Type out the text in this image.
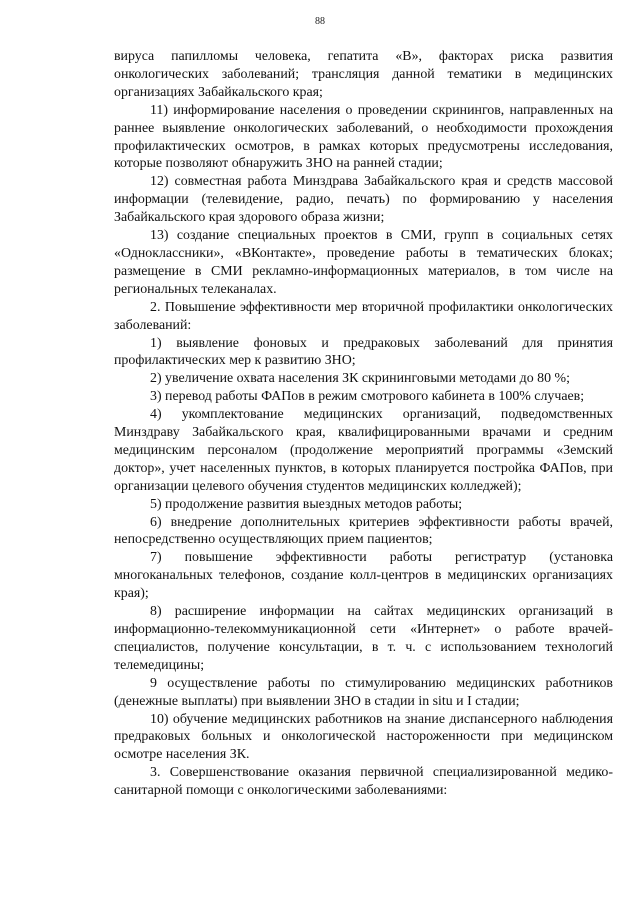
88

вируса папилломы человека, гепатита «В», факторах риска развития онкологических заболеваний; трансляция данной тематики в медицинских организациях Забайкальского края;

11) информирование населения о проведении скринингов, направленных на раннее выявление онкологических заболеваний, о необходимости прохождения профилактических осмотров, в рамках которых предусмотрены исследования, которые позволяют обнаружить ЗНО на ранней стадии;

12) совместная работа Минздрава Забайкальского края и средств массовой информации (телевидение, радио, печать) по формированию у населения Забайкальского края здорового образа жизни;

13) создание специальных проектов в СМИ, групп в социальных сетях «Одноклассники», «ВКонтакте», проведение работы в тематических блоках; размещение в СМИ рекламно-информационных материалов, в том числе на региональных телеканалах.

2. Повышение эффективности мер вторичной профилактики онкологических заболеваний:

1) выявление фоновых и предраковых заболеваний для принятия профилактических мер к развитию ЗНО;

2) увеличение охвата населения ЗК скрининговыми методами до 80 %;

3) перевод работы ФАПов в режим смотрового кабинета в 100% случаев;

4) укомплектование медицинских организаций, подведомственных Минздраву Забайкальского края, квалифицированными врачами и средним медицинским персоналом (продолжение мероприятий программы «Земский доктор», учет населенных пунктов, в которых планируется постройка ФАПов, при организации целевого обучения студентов медицинских колледжей);

5) продолжение развития выездных методов работы;

6) внедрение дополнительных критериев эффективности работы врачей, непосредственно осуществляющих прием пациентов;

7) повышение эффективности работы регистратур (установка многоканальных телефонов, создание колл-центров в медицинских организациях края);

8) расширение информации на сайтах медицинских организаций в информационно-телекоммуникационной сети «Интернет» о работе врачей-специалистов, получение консультации, в т. ч. с использованием технологий телемедицины;

9 осуществление работы по стимулированию медицинских работников (денежные выплаты) при выявлении ЗНО в стадии in situ и I стадии;

10) обучение медицинских работников на знание диспансерного наблюдения предраковых больных и онкологической настороженности при медицинском осмотре населения ЗК.

3. Совершенствование оказания первичной специализированной медико-санитарной помощи с онкологическими заболеваниями:
